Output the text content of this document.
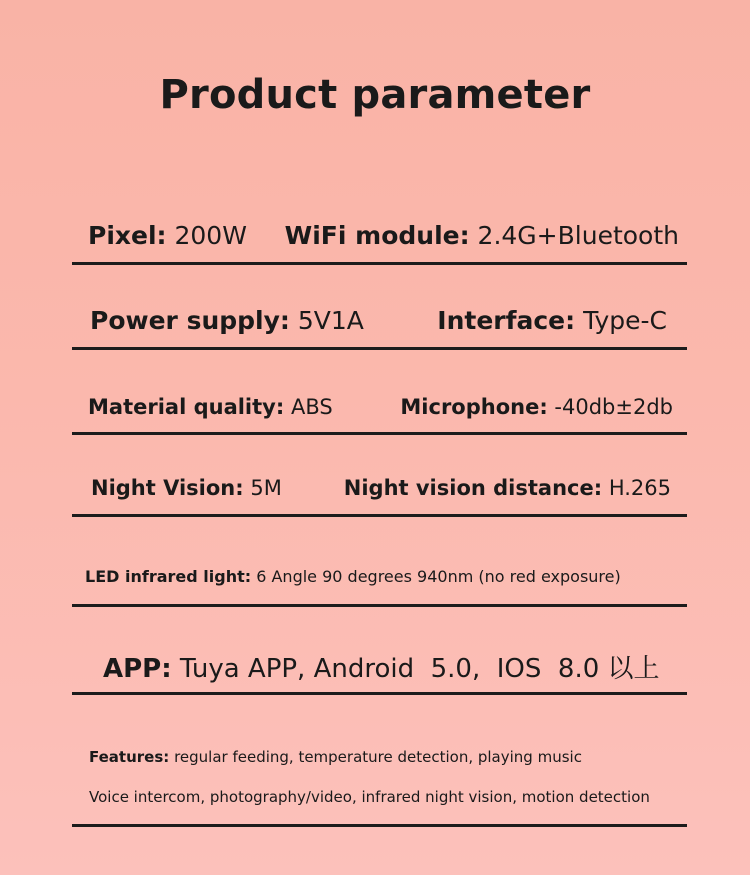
Product parameter
Pixel: 200W WiFi module: 2.4G+Bluetooth
Power supply: 5V1A	Interface: Type-C
Material quality: ABS	Microphone: -40db±2db
Night Vision: 5M	Night vision distance: H.265
LED infrared light: 6 Angle 90 degrees 940nm (no red exposure)
APP: Tuya APP, Android  5.0,  IOS  8.0 以上
Features: regular feeding, temperature detection, playing music
Voice intercom, photography/video, infrared night vision, motion detection
